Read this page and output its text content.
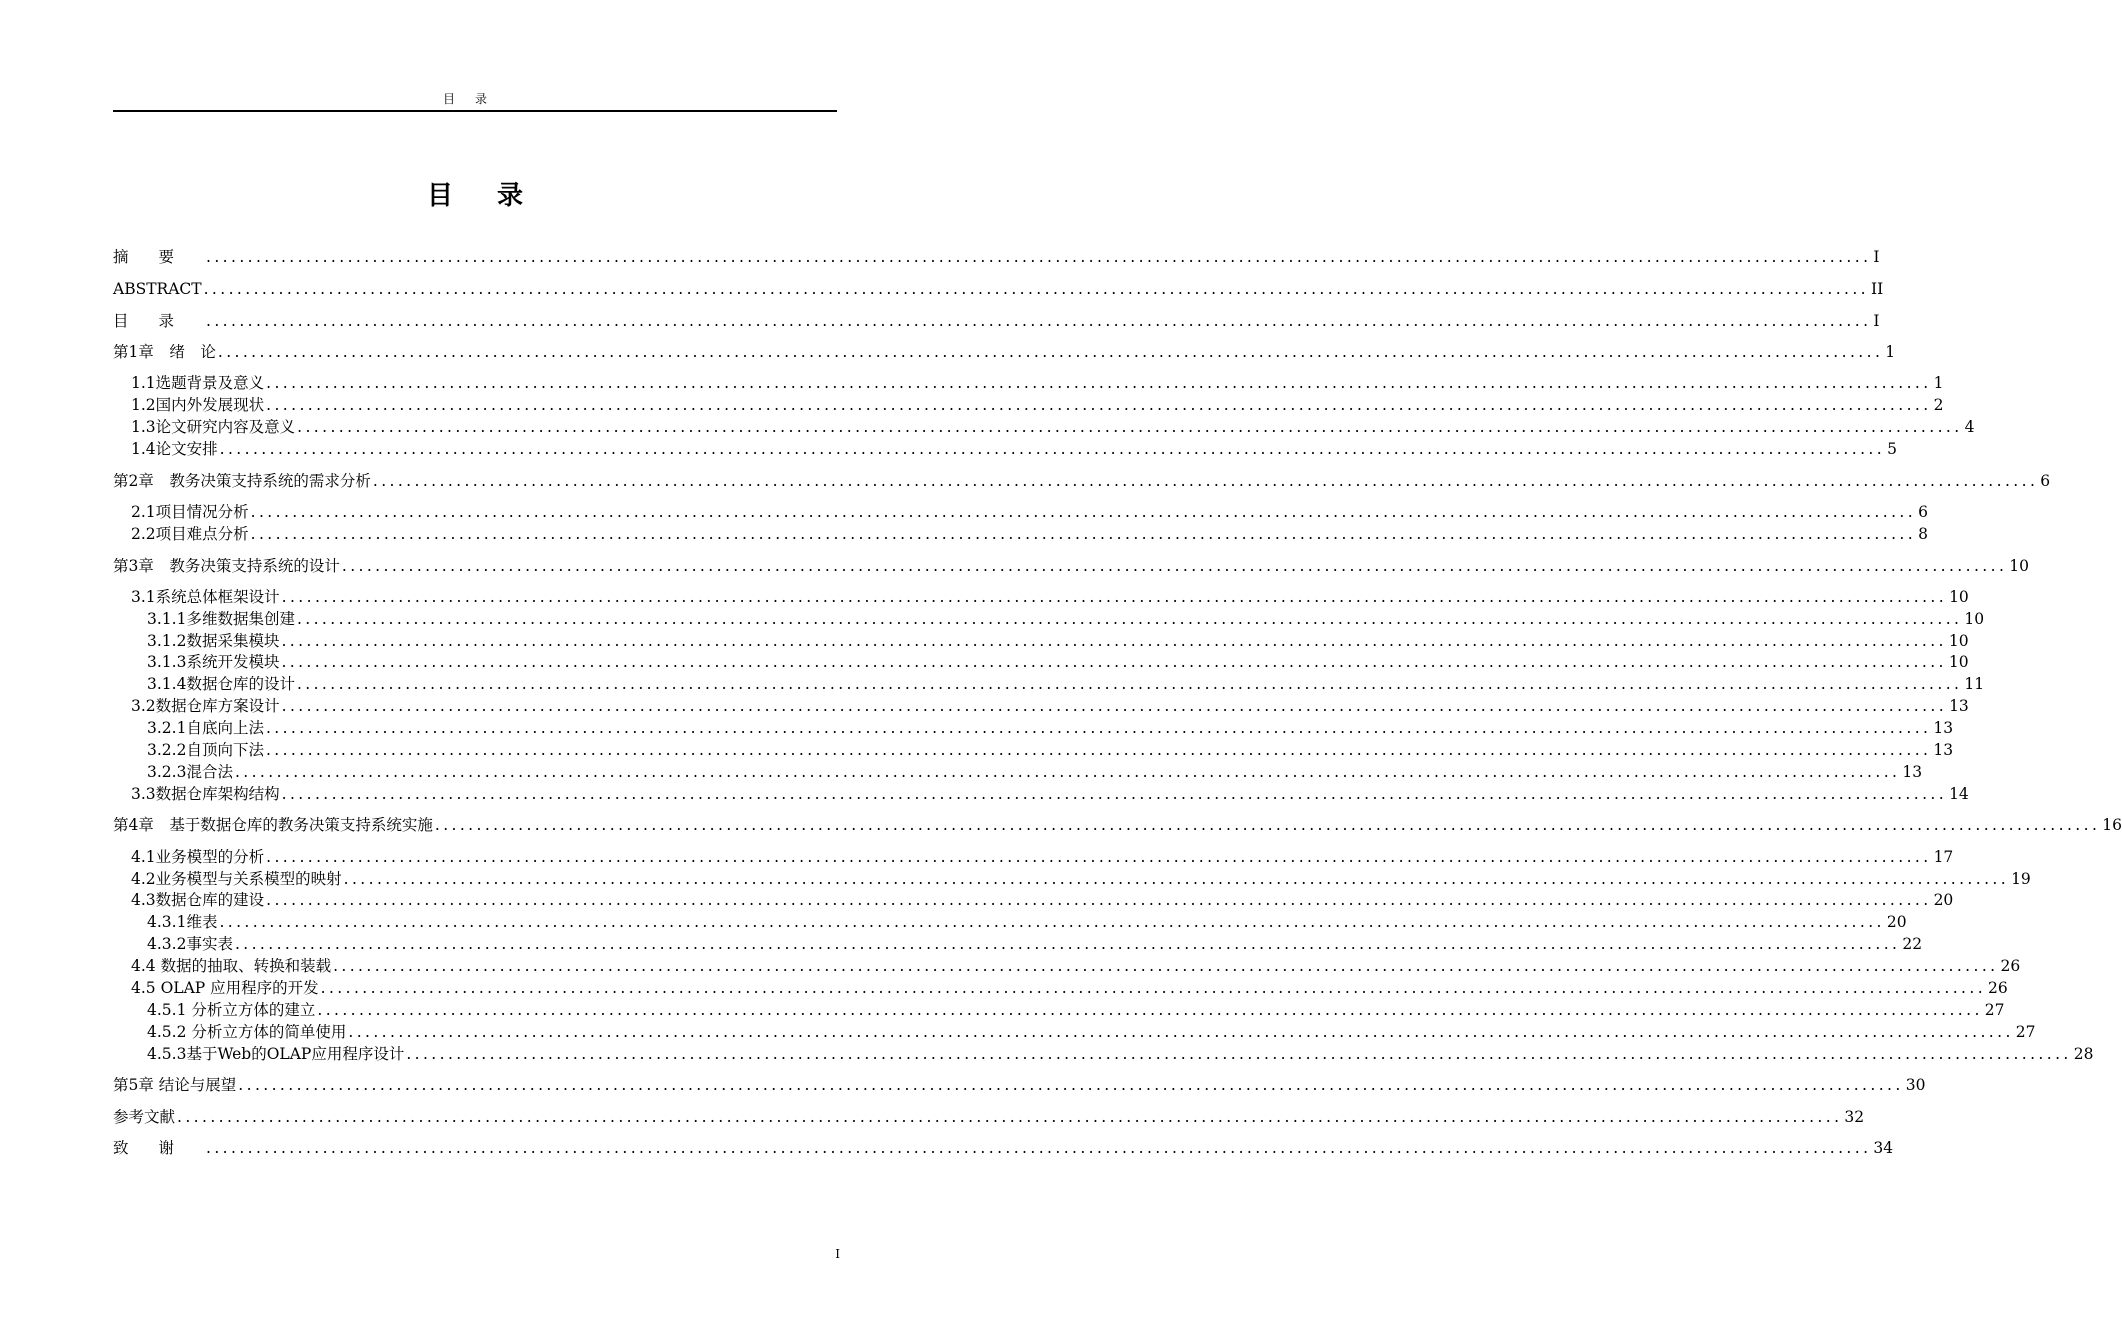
目录
目录
摘要 ........................................................................................................................................................................................................ I
ABSTRACT ........................................................................................................................................................................................................ II
目录 ........................................................................................................................................................................................................ I
第1章　绪　论 ........................................................................................................................................................................................................ 1
1.1选题背景及意义 ........................................................................................................................................................................................................ 1
1.2国内外发展现状 ........................................................................................................................................................................................................ 2
1.3论文研究内容及意义 ........................................................................................................................................................................................................ 4
1.4论文安排 ........................................................................................................................................................................................................ 5
第2章　教务决策支持系统的需求分析 ........................................................................................................................................................................................................ 6
2.1项目情况分析 ........................................................................................................................................................................................................ 6
2.2项目难点分析 ........................................................................................................................................................................................................ 8
第3章　教务决策支持系统的设计 ........................................................................................................................................................................................................ 10
3.1系统总体框架设计 ........................................................................................................................................................................................................ 10
3.1.1多维数据集创建 ........................................................................................................................................................................................................ 10
3.1.2数据采集模块 ........................................................................................................................................................................................................ 10
3.1.3系统开发模块 ........................................................................................................................................................................................................ 10
3.1.4数据仓库的设计 ........................................................................................................................................................................................................ 11
3.2数据仓库方案设计 ........................................................................................................................................................................................................ 13
3.2.1自底向上法 ........................................................................................................................................................................................................ 13
3.2.2自顶向下法 ........................................................................................................................................................................................................ 13
3.2.3混合法 ........................................................................................................................................................................................................ 13
3.3数据仓库架构结构 ........................................................................................................................................................................................................ 14
第4章　基于数据仓库的教务决策支持系统实施 ........................................................................................................................................................................................................ 16
4.1业务模型的分析 ........................................................................................................................................................................................................ 17
4.2业务模型与关系模型的映射 ........................................................................................................................................................................................................ 19
4.3数据仓库的建设 ........................................................................................................................................................................................................ 20
4.3.1维表 ........................................................................................................................................................................................................ 20
4.3.2事实表 ........................................................................................................................................................................................................ 22
4.4 数据的抽取、转换和装载 ........................................................................................................................................................................................................ 26
4.5 OLAP 应用程序的开发 ........................................................................................................................................................................................................ 26
4.5.1 分析立方体的建立 ........................................................................................................................................................................................................ 27
4.5.2 分析立方体的简单使用 ........................................................................................................................................................................................................ 27
4.5.3基于Web的OLAP应用程序设计 ........................................................................................................................................................................................................ 28
第5章 结论与展望 ........................................................................................................................................................................................................ 30
参考文献 ........................................................................................................................................................................................................ 32
致谢 ........................................................................................................................................................................................................ 34
I
